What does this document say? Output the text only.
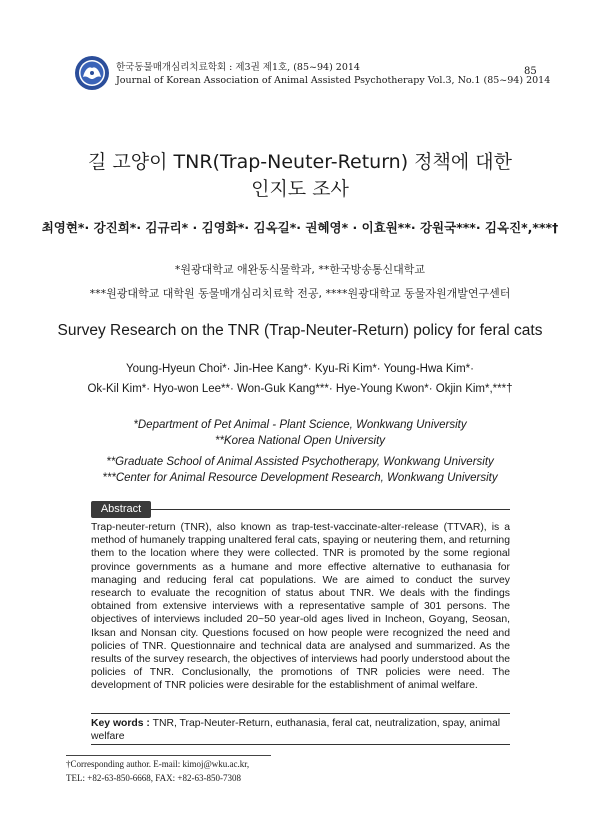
한국동물매개심리치료학회 : 제3권 제1호, (85~94) 2014
Journal of Korean Association of Animal Assisted Psychotherapy Vol.3, No.1 (85~94) 2014
85
길 고양이 TNR(Trap-Neuter-Return) 정책에 대한
인지도 조사
최영현*· 강진희*· 김규리* · 김영화*· 김옥길*· 권혜영* · 이효원**· 강원국***· 김옥진*,***†
*원광대학교 애완동식물학과, **한국방송통신대학교
***원광대학교 대학원 동물매개심리치료학 전공, ****원광대학교 동물자원개발연구센터
Survey Research on the TNR (Trap-Neuter-Return) policy for feral cats
Young-Hyeun Choi*· Jin-Hee Kang*· Kyu-Ri Kim*· Young-Hwa Kim*·
Ok-Kil Kim*· Hyo-won Lee**· Won-Guk Kang***· Hye-Young Kwon*· Okjin Kim*,***†
*Department of Pet Animal - Plant Science, Wonkwang University
**Korea National Open University
**Graduate School of Animal Assisted Psychotherapy, Wonkwang University
***Center for Animal Resource Development Research, Wonkwang University
Abstract

Trap-neuter-return (TNR), also known as trap-test-vaccinate-alter-release (TTVAR), is a method of humanely trapping unaltered feral cats, spaying or neutering them, and returning them to the location where they were collected. TNR is promoted by the some regional province governments as a humane and more effective alternative to euthanasia for managing and reducing feral cat populations. We are aimed to conduct the survey research to evaluate the recognition of status about TNR. We deals with the findings obtained from extensive interviews with a representative sample of 301 persons. The objectives of interviews included 20~50 year-old ages lived in Incheon, Goyang, Seosan, Iksan and Nonsan city. Questions focused on how people were recognized the need and policies of TNR. Questionnaire and technical data are analysed and summarized. As the results of the survey research, the objectives of interviews had poorly understood about the policies of TNR. Conclusionally, the promotions of TNR policies were need. The development of TNR policies were desirable for the establishment of animal welfare.

Key words : TNR, Trap-Neuter-Return, euthanasia, feral cat, neutralization, spay, animal welfare
†Corresponding author. E-mail: kimoj@wku.ac.kr,
TEL: +82-63-850-6668, FAX: +82-63-850-7308
